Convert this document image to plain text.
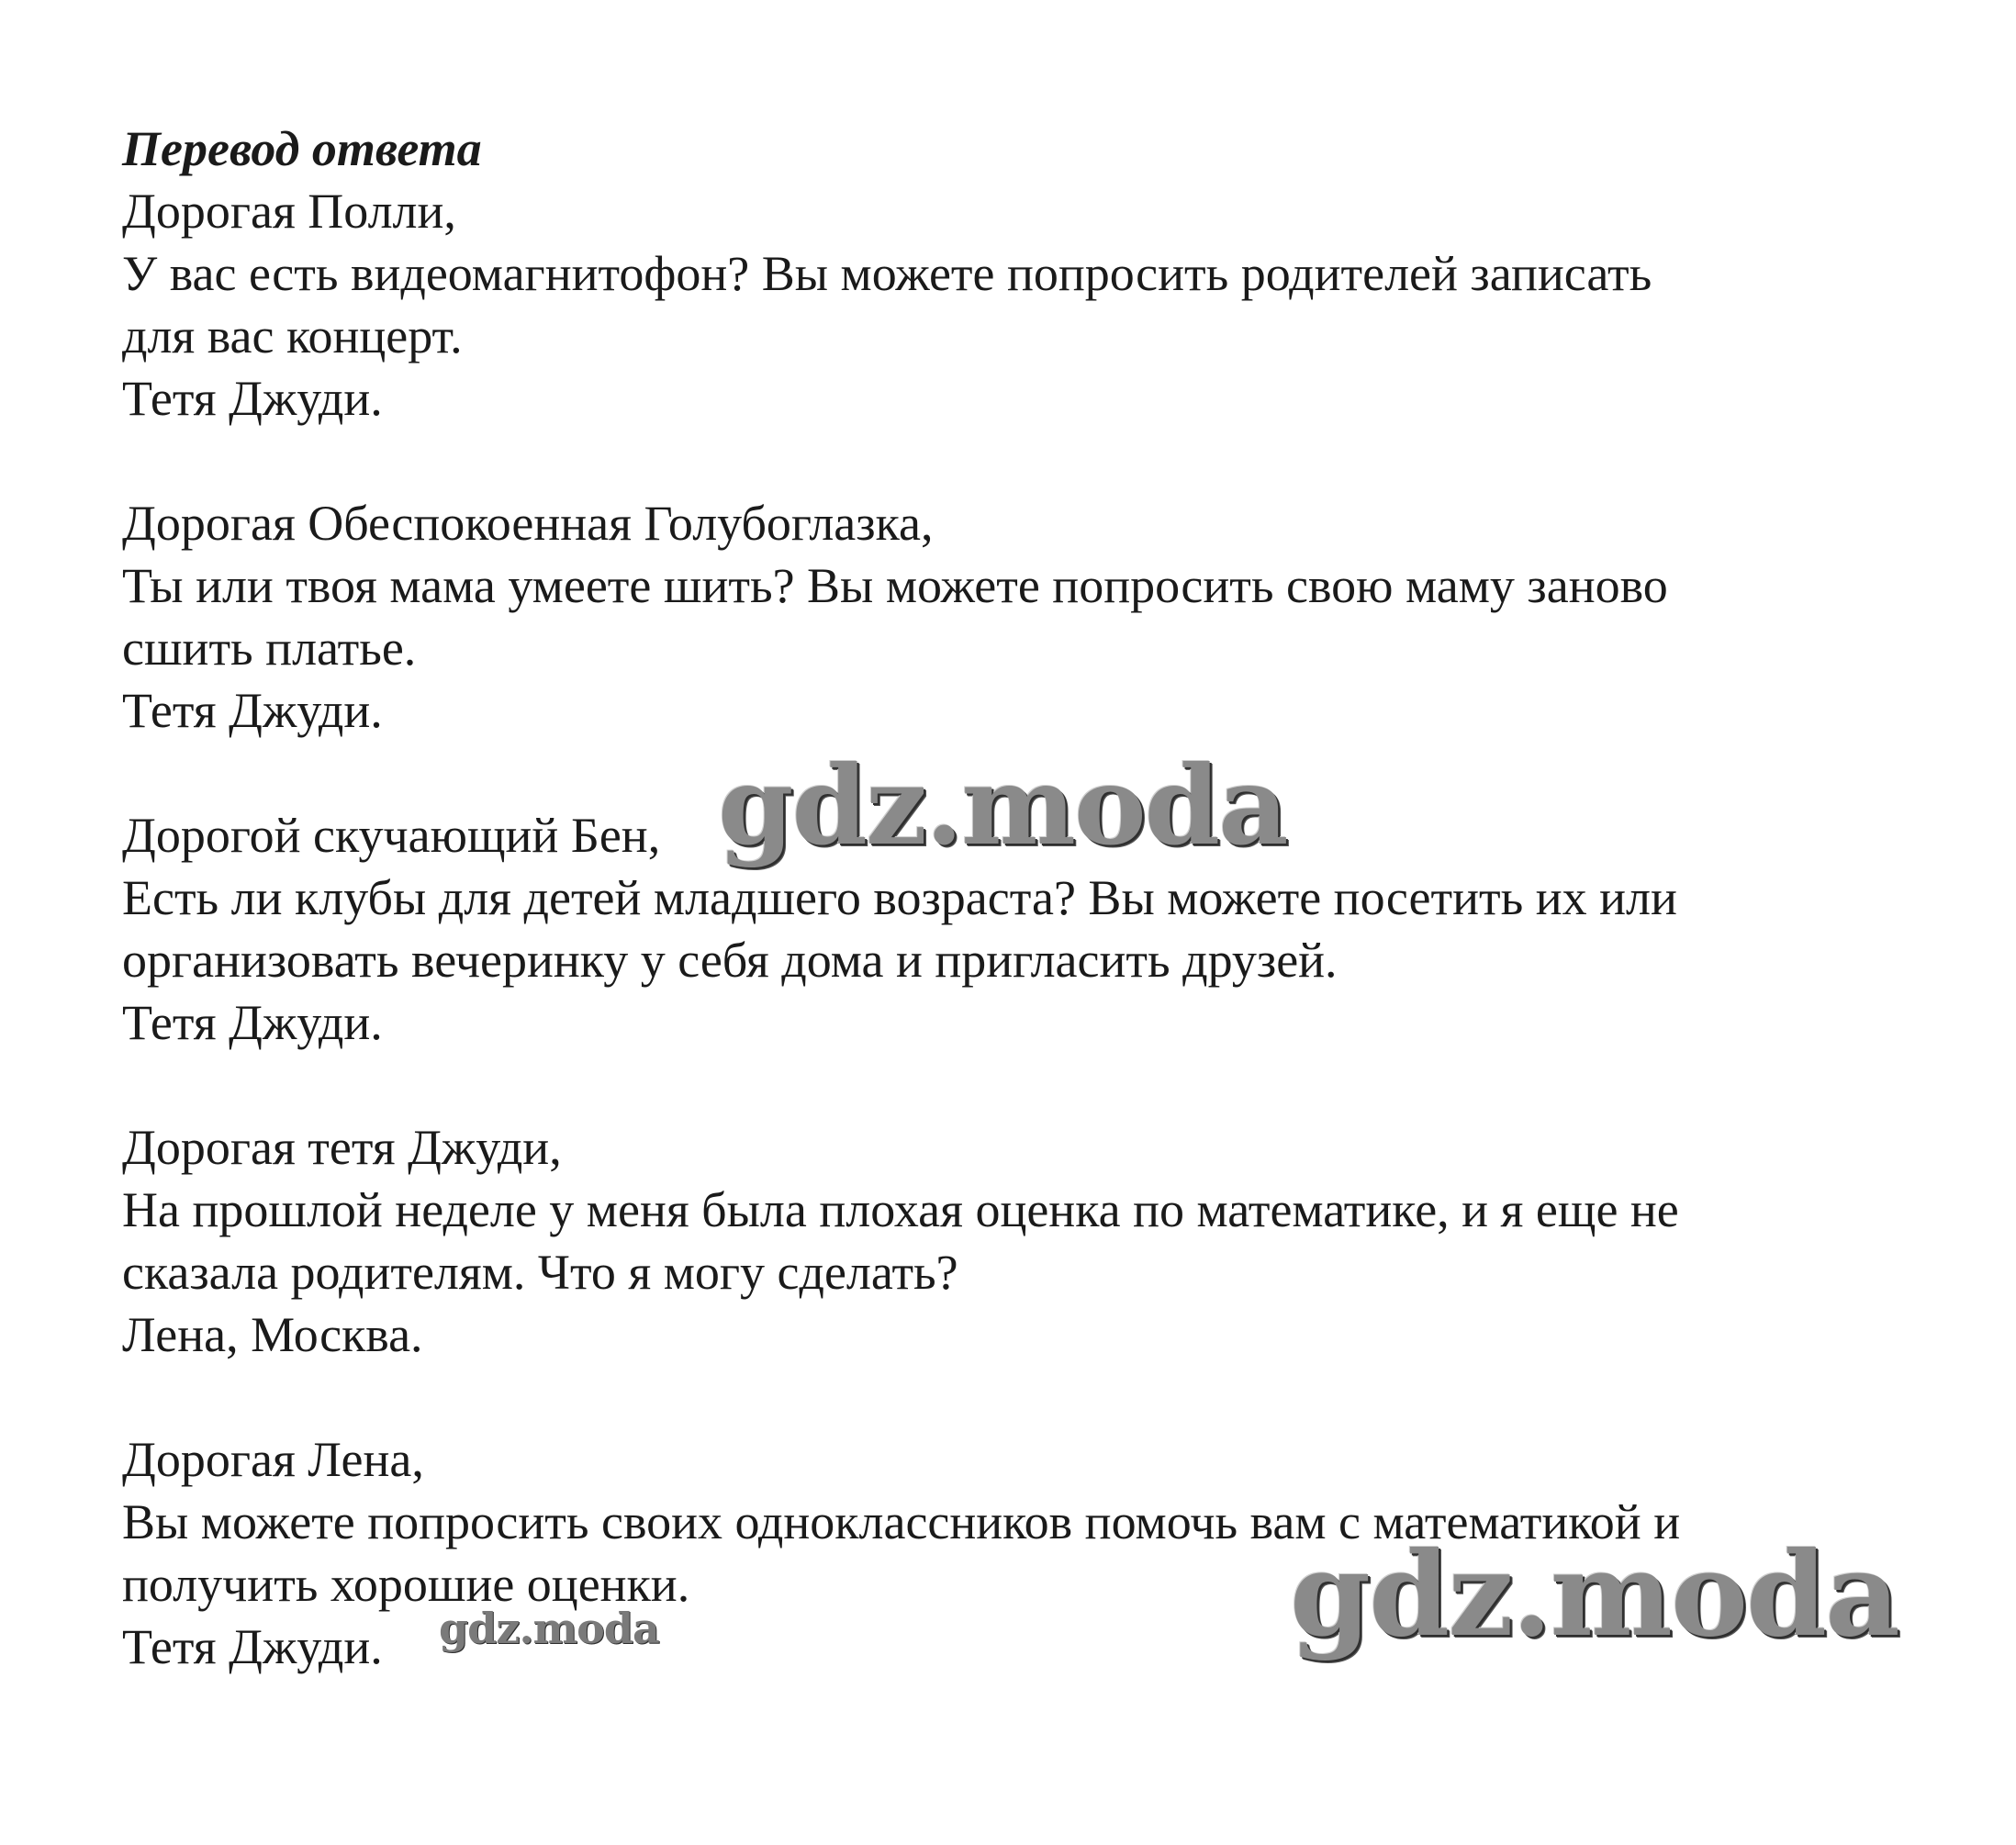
Перевод ответа
Дорогая Полли,
У вас есть видеомагнитофон? Вы можете попросить родителей записать
для вас концерт.
Тетя Джуди.
Дорогая Обеспокоенная Голубоглазка,
Ты или твоя мама умеете шить? Вы можете попросить свою маму заново
сшить платье.
Тетя Джуди.
Дорогой скучающий Бен,
Есть ли клубы для детей младшего возраста? Вы можете посетить их или
организовать вечеринку у себя дома и пригласить друзей.
Тетя Джуди.
Дорогая тетя Джуди,
На прошлой неделе у меня была плохая оценка по математике, и я еще не
сказала родителям. Что я могу сделать?
Лена, Москва.
Дорогая Лена,
Вы можете попросить своих одноклассников помочь вам с математикой и
получить хорошие оценки.
Тетя Джуди.
gdz.moda
gdz.moda
gdz.moda
